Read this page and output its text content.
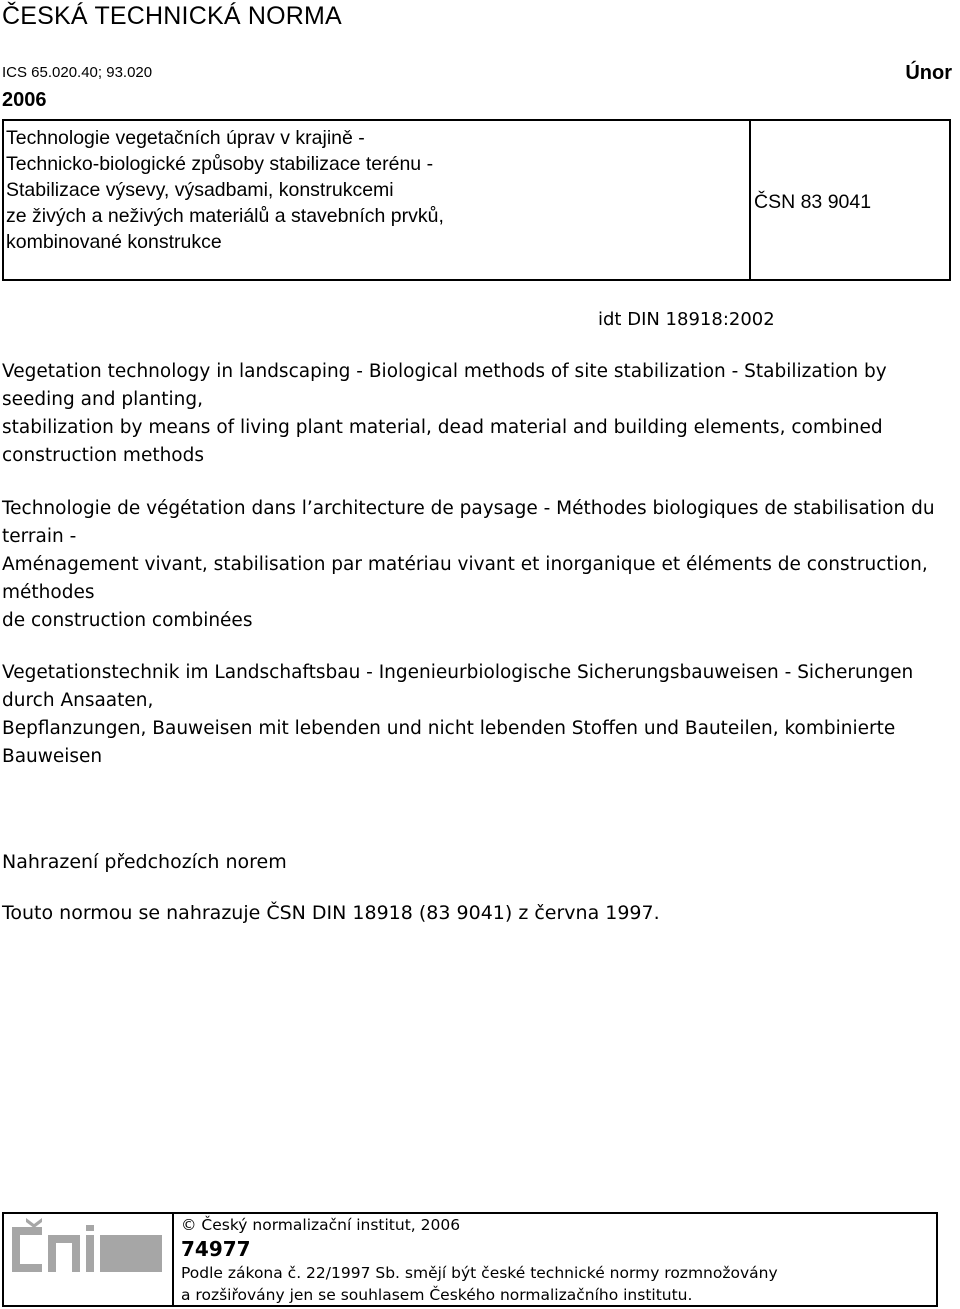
ČESKÁ TECHNICKÁ NORMA
ICS 65.020.40; 93.020	Únor
2006
Technologie vegetačních úprav v krajině -
Technicko-biologické způsoby stabilizace terénu -
Stabilizace výsevy, výsadbami, konstrukcemi
ze živých a neživých materiálů a stavebních prvků,
kombinované konstrukce
ČSN 83 9041
idt DIN 18918:2002
Vegetation technology in landscaping - Biological methods of site stabilization - Stabilization by
seeding and planting,
stabilization by means of living plant material, dead material and building elements, combined
construction methods
Technologie de végétation dans l’architecture de paysage - Méthodes biologiques de stabilisation du
terrain -
Aménagement vivant, stabilisation par matériau vivant et inorganique et éléments de construction,
méthodes
de construction combinées
Vegetationstechnik im Landschaftsbau - Ingenieurbiologische Sicherungsbauweisen - Sicherungen
durch Ansaaten,
Bepflanzungen, Bauweisen mit lebenden und nicht lebenden Stoffen und Bauteilen, kombinierte
Bauweisen
Nahrazení předchozích norem
Touto normou se nahrazuje ČSN DIN 18918 (83 9041) z června 1997.
© Český normalizační institut, 2006
74977
Podle zákona č. 22/1997 Sb. smějí být české technické normy rozmnožovány
a rozšiřovány jen se souhlasem Českého normalizačního institutu.
